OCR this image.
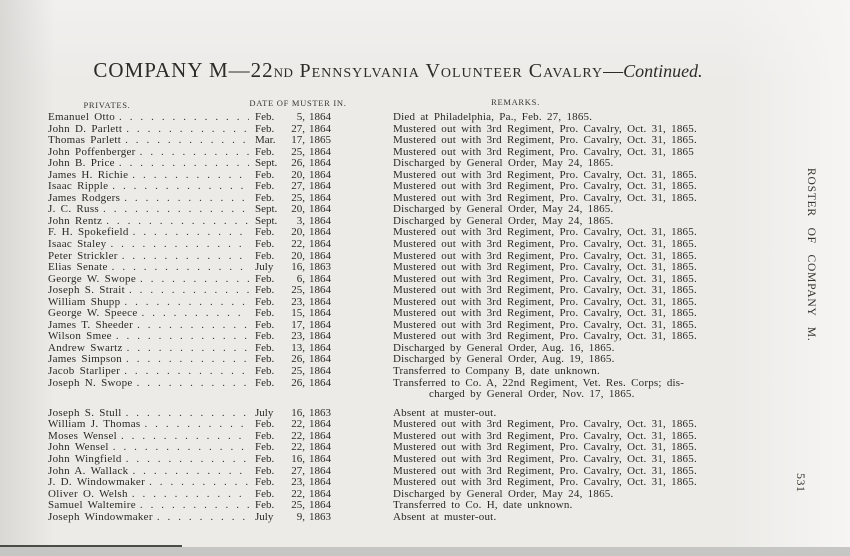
COMPANY M—22ND Pennsylvania Volunteer Cavalry—Continued.
PRIVATES.	DATE OF MUSTER IN.	REMARKS.
Emanuel Otto . . .	Feb.	5, 1864	Died at Philadelphia, Pa., Feb. 27, 1865.
John D. Parlett . . .	Feb.	27, 1864	Mustered out with 3rd Regiment, Pro. Cavalry, Oct. 31, 1865.
Thomas Parlett . . .	Mar.	17, 1865	Mustered out with 3rd Regiment, Pro. Cavalry, Oct. 31, 1865.
John Poffenberger . . .	Feb.	25, 1864	Mustered out with 3rd Regiment, Pro. Cavalry, Oct. 31, 1865
John B. Price . . .	Sept.	26, 1864	Discharged by General Order, May 24, 1865.
James H. Richie . . .	Feb.	20, 1864	Mustered out with 3rd Regiment, Pro. Cavalry, Oct. 31, 1865.
Isaac Ripple . . .	Feb.	27, 1864	Mustered out with 3rd Regiment, Pro. Cavalry, Oct. 31, 1865.
James Rodgers . . .	Feb.	25, 1864	Mustered out with 3rd Regiment, Pro. Cavalry, Oct. 31, 1865.
J. C. Russ . . .	Sept.	20, 1864	Discharged by General Order, May 24, 1865.
John Rentz . . .	Sept.	3, 1864	Discharged by General Order, May 24, 1865.
F. H. Spokefield . . .	Feb.	20, 1864	Mustered out with 3rd Regiment, Pro. Cavalry, Oct. 31, 1865.
Isaac Staley . . .	Feb.	22, 1864	Mustered out with 3rd Regiment, Pro. Cavalry, Oct. 31, 1865.
Peter Strickler . . .	Feb.	20, 1864	Mustered out with 3rd Regiment, Pro. Cavalry, Oct. 31, 1865.
Elias Senate . . .	July	16, 1863	Mustered out with 3rd Regiment, Pro. Cavalry, Oct. 31, 1865.
George W. Swope . . .	Feb.	6, 1864	Mustered out with 3rd Regiment, Pro. Cavalry, Oct. 31, 1865.
Joseph S. Strait . . .	Feb.	25, 1864	Mustered out with 3rd Regiment, Pro. Cavalry, Oct. 31, 1865.
William Shupp . . .	Feb.	23, 1864	Mustered out with 3rd Regiment, Pro. Cavalry, Oct. 31, 1865.
George W. Speece . . .	Feb.	15, 1864	Mustered out with 3rd Regiment, Pro. Cavalry, Oct. 31, 1865.
James T. Sheeder . . .	Feb.	17, 1864	Mustered out with 3rd Regiment, Pro. Cavalry, Oct. 31, 1865.
Wilson Smee . . .	Feb.	23, 1864	Mustered out with 3rd Regiment, Pro. Cavalry, Oct. 31, 1865.
Andrew Swartz . . .	Feb.	13, 1864	Discharged by General Order, Aug. 16, 1865.
James Simpson . . .	Feb.	26, 1864	Discharged by General Order, Aug. 19, 1865.
Jacob Starliper . . .	Feb.	25, 1864	Transferred to Company B, date unknown.
Joseph N. Swope . . .	Feb.	26, 1864	Transferred to Co. A, 22nd Regiment, Vet. Res. Corps; dis-
charged by General Order, Nov. 17, 1865.
Joseph S. Stull . . .	July	16, 1863	Absent at muster-out.
William J. Thomas . . .	Feb.	22, 1864	Mustered out with 3rd Regiment, Pro. Cavalry, Oct. 31, 1865.
Moses Wensel . . .	Feb.	22, 1864	Mustered out with 3rd Regiment, Pro. Cavalry, Oct. 31, 1865.
John Wensel . . .	Feb.	22, 1864	Mustered out with 3rd Regiment, Pro. Cavalry, Oct. 31, 1865.
John Wingfield . . .	Feb.	16, 1864	Mustered out with 3rd Regiment, Pro. Cavalry, Oct. 31, 1865.
John A. Wallack . . .	Feb.	27, 1864	Mustered out with 3rd Regiment, Pro. Cavalry, Oct. 31, 1865.
J. D. Windowmaker . . .	Feb.	23, 1864	Mustered out with 3rd Regiment, Pro. Cavalry, Oct. 31, 1865.
Oliver O. Welsh . . .	Feb.	22, 1864	Discharged by General Order, May 24, 1865.
Samuel Waltemire . . .	Feb.	25, 1864	Transferred to Co. H, date unknown.
Joseph Windowmaker . . .	July	9, 1863	Absent at muster-out.
ROSTER OF COMPANY M.
531
